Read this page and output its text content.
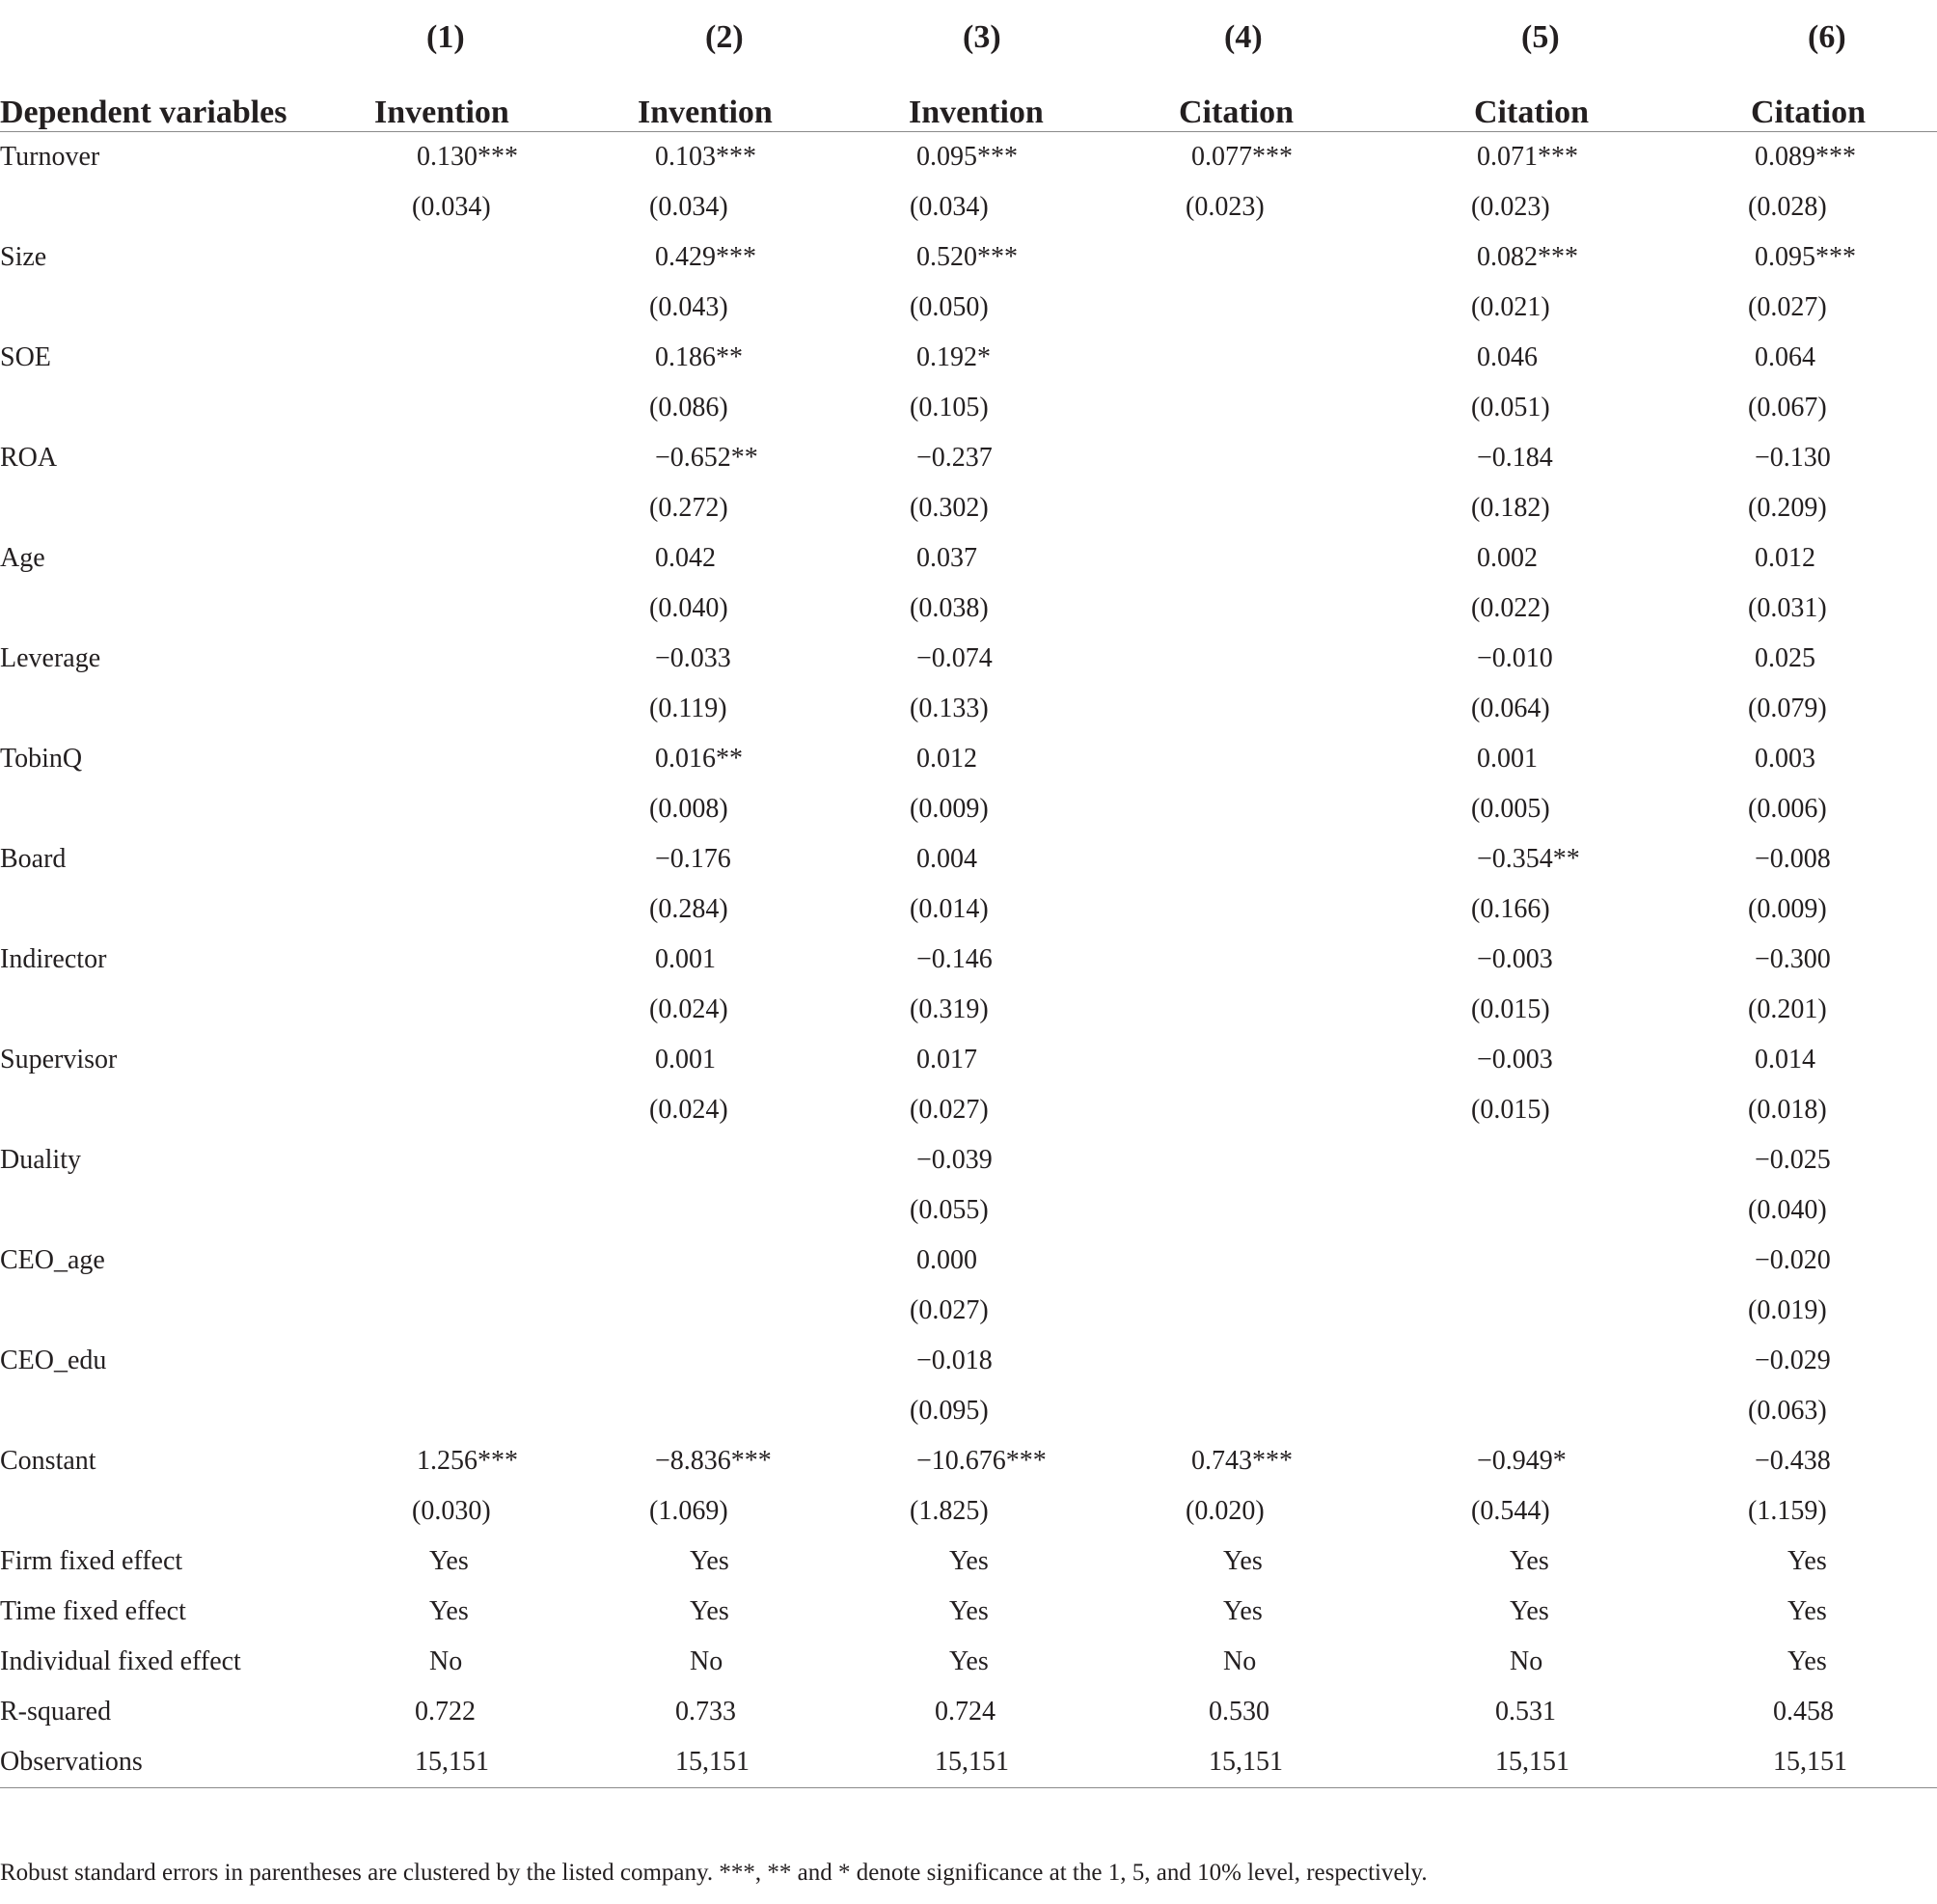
	(1)	(2)	(3)	(4)	(5)	(6)
Dependent variables	Invention	Invention	Invention	Citation	Citation	Citation
Turnover	0.130***	0.103***	0.095***	0.077***	0.071***	0.089***
	(0.034)	(0.034)	(0.034)	(0.023)	(0.023)	(0.028)
Size		0.429***	0.520***		0.082***	0.095***
		(0.043)	(0.050)		(0.021)	(0.027)
SOE		0.186**	0.192*		0.046	0.064
		(0.086)	(0.105)		(0.051)	(0.067)
ROA		−0.652**	−0.237		−0.184	−0.130
		(0.272)	(0.302)		(0.182)	(0.209)
Age		0.042	0.037		0.002	0.012
		(0.040)	(0.038)		(0.022)	(0.031)
Leverage		−0.033	−0.074		−0.010	0.025
		(0.119)	(0.133)		(0.064)	(0.079)
TobinQ		0.016**	0.012		0.001	0.003
		(0.008)	(0.009)		(0.005)	(0.006)
Board		−0.176	0.004		−0.354**	−0.008
		(0.284)	(0.014)		(0.166)	(0.009)
Indirector		0.001	−0.146		−0.003	−0.300
		(0.024)	(0.319)		(0.015)	(0.201)
Supervisor		0.001	0.017		−0.003	0.014
		(0.024)	(0.027)		(0.015)	(0.018)
Duality			−0.039			−0.025
			(0.055)			(0.040)
CEO_age			0.000			−0.020
			(0.027)			(0.019)
CEO_edu			−0.018			−0.029
			(0.095)			(0.063)
Constant	1.256***	−8.836***	−10.676***	0.743***	−0.949*	−0.438
	(0.030)	(1.069)	(1.825)	(0.020)	(0.544)	(1.159)
Firm fixed effect	Yes	Yes	Yes	Yes	Yes	Yes
Time fixed effect	Yes	Yes	Yes	Yes	Yes	Yes
Individual fixed effect	No	No	Yes	No	No	Yes
R-squared	0.722	0.733	0.724	0.530	0.531	0.458
Observations	15,151	15,151	15,151	15,151	15,151	15,151
Robust standard errors in parentheses are clustered by the listed company. ***, ** and * denote significance at the 1, 5, and 10% level, respectively.
